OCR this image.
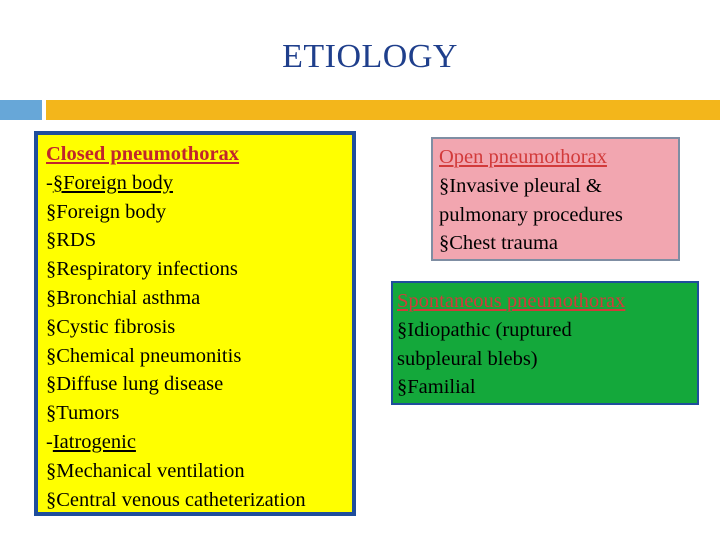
ETIOLOGY
Closed pneumothorax
-§Foreign body
§Foreign body
§RDS
§Respiratory infections
§Bronchial asthma
§Cystic fibrosis
§Chemical pneumonitis
§Diffuse lung disease
§Tumors
-Iatrogenic
§Mechanical ventilation
§Central venous catheterization
Open pneumothorax
§Invasive pleural &
pulmonary procedures
§Chest trauma
Spontaneous pneumothorax
§Idiopathic (ruptured
subpleural blebs)
§Familial
